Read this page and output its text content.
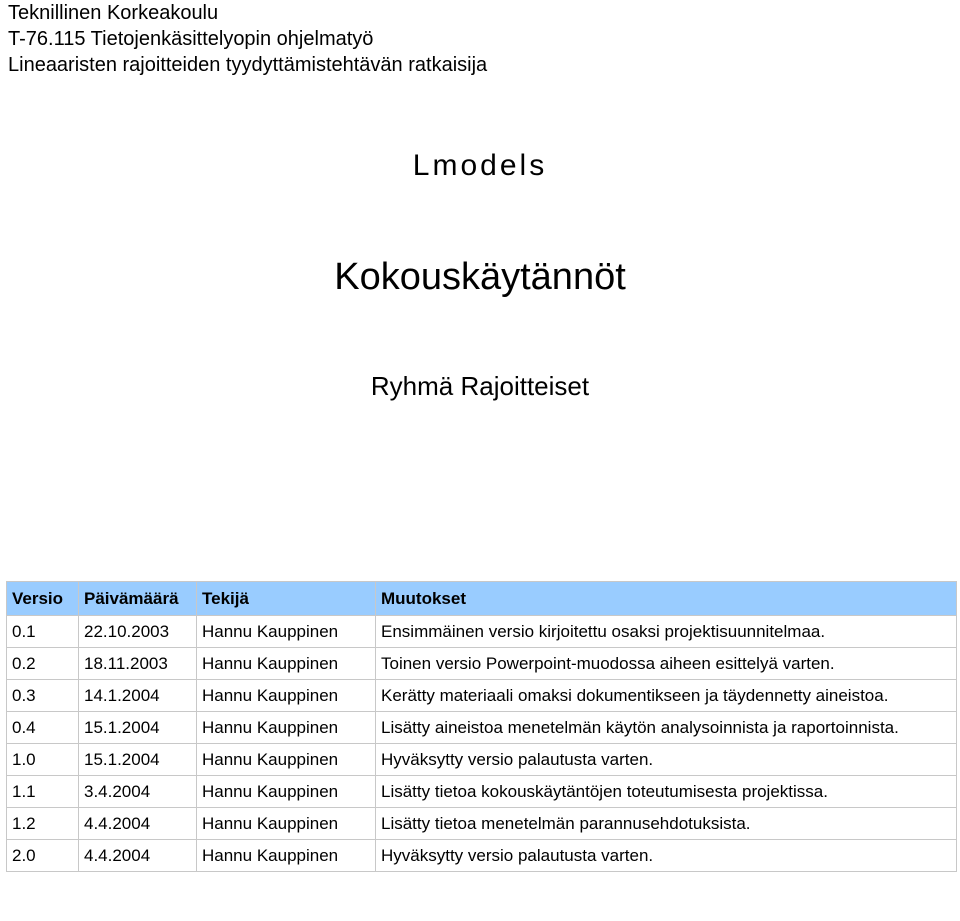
Teknillinen Korkeakoulu
T-76.115 Tietojenkäsittelyopin ohjelmatyö
Lineaaristen rajoitteiden tyydyttämistehtävän ratkaisija
Lmodels
Kokouskäytännöt
Ryhmä Rajoitteiset
Versio	Päivämäärä	Tekijä	Muutokset
0.1	22.10.2003	Hannu Kauppinen	Ensimmäinen versio kirjoitettu osaksi projektisuunnitelmaa.
0.2	18.11.2003	Hannu Kauppinen	Toinen versio Powerpoint-muodossa aiheen esittelyä varten.
0.3	14.1.2004	Hannu Kauppinen	Kerätty materiaali omaksi dokumentikseen ja täydennetty aineistoa.
0.4	15.1.2004	Hannu Kauppinen	Lisätty aineistoa menetelmän käytön analysoinnista ja raportoinnista.
1.0	15.1.2004	Hannu Kauppinen	Hyväksytty versio palautusta varten.
1.1	3.4.2004	Hannu Kauppinen	Lisätty tietoa kokouskäytäntöjen toteutumisesta projektissa.
1.2	4.4.2004	Hannu Kauppinen	Lisätty tietoa menetelmän parannusehdotuksista.
2.0	4.4.2004	Hannu Kauppinen	Hyväksytty versio palautusta varten.
